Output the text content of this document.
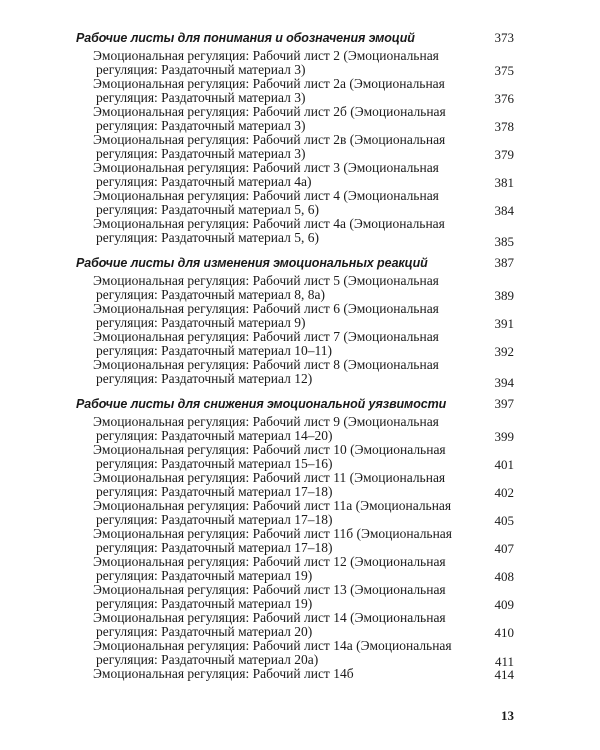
Рабочие листы для понимания и обозначения эмоций	373
Эмоциональная регуляция: Рабочий лист 2 (Эмоциональная
регуляция: Раздаточный материал 3)	375
Эмоциональная регуляция: Рабочий лист 2а (Эмоциональная
регуляция: Раздаточный материал 3)	376
Эмоциональная регуляция: Рабочий лист 2б (Эмоциональная
регуляция: Раздаточный материал 3)	378
Эмоциональная регуляция: Рабочий лист 2в (Эмоциональная
регуляция: Раздаточный материал 3)	379
Эмоциональная регуляция: Рабочий лист 3 (Эмоциональная
регуляция: Раздаточный материал 4а)	381
Эмоциональная регуляция: Рабочий лист 4 (Эмоциональная
регуляция: Раздаточный материал 5, 6)	384
Эмоциональная регуляция: Рабочий лист 4а (Эмоциональная
регуляция: Раздаточный материал 5, 6)	385
Рабочие листы для изменения эмоциональных реакций	387
Эмоциональная регуляция: Рабочий лист 5 (Эмоциональная
регуляция: Раздаточный материал 8, 8а)	389
Эмоциональная регуляция: Рабочий лист 6 (Эмоциональная
регуляция: Раздаточный материал 9)	391
Эмоциональная регуляция: Рабочий лист 7 (Эмоциональная
регуляция: Раздаточный материал 10–11)	392
Эмоциональная регуляция: Рабочий лист 8 (Эмоциональная
регуляция: Раздаточный материал 12)	394
Рабочие листы для снижения эмоциональной уязвимости	397
Эмоциональная регуляция: Рабочий лист 9 (Эмоциональная
регуляция: Раздаточный материал 14–20)	399
Эмоциональная регуляция: Рабочий лист 10 (Эмоциональная
регуляция: Раздаточный материал 15–16)	401
Эмоциональная регуляция: Рабочий лист 11 (Эмоциональная
регуляция: Раздаточный материал 17–18)	402
Эмоциональная регуляция: Рабочий лист 11а (Эмоциональная
регуляция: Раздаточный материал 17–18)	405
Эмоциональная регуляция: Рабочий лист 11б (Эмоциональная
регуляция: Раздаточный материал 17–18)	407
Эмоциональная регуляция: Рабочий лист 12 (Эмоциональная
регуляция: Раздаточный материал 19)	408
Эмоциональная регуляция: Рабочий лист 13 (Эмоциональная
регуляция: Раздаточный материал 19)	409
Эмоциональная регуляция: Рабочий лист 14 (Эмоциональная
регуляция: Раздаточный материал 20)	410
Эмоциональная регуляция: Рабочий лист 14а (Эмоциональная
регуляция: Раздаточный материал 20а)	411
Эмоциональная регуляция: Рабочий лист 14б	414
13
